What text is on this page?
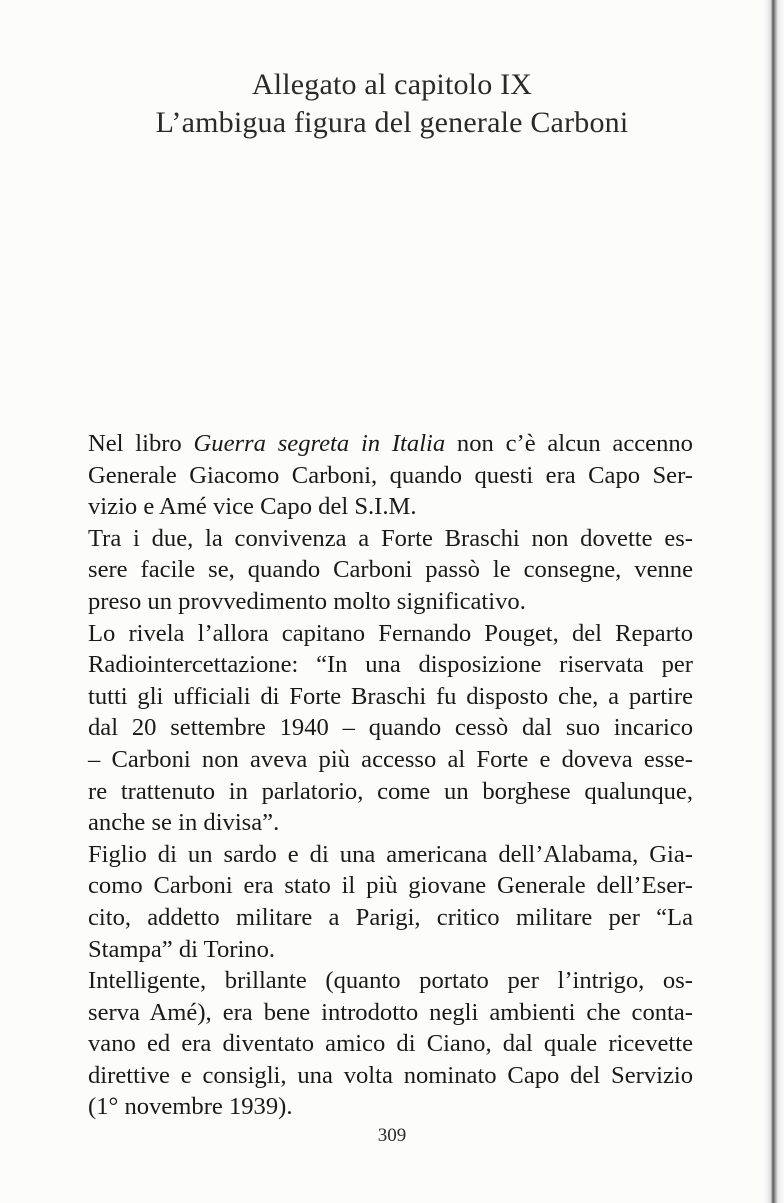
Allegato al capitolo IX
L’ambigua figura del generale Carboni
Nel libro Guerra segreta in Italia non c’è alcun accenno
Generale Giacomo Carboni, quando questi era Capo Ser-
vizio e Amé vice Capo del S.I.M.
Tra i due, la convivenza a Forte Braschi non dovette es-
sere facile se, quando Carboni passò le consegne, venne
preso un provvedimento molto significativo.
Lo rivela l’allora capitano Fernando Pouget, del Reparto
Radiointercettazione: “In una disposizione riservata per
tutti gli ufficiali di Forte Braschi fu disposto che, a partire
dal 20 settembre 1940 – quando cessò dal suo incarico
– Carboni non aveva più accesso al Forte e doveva esse-
re trattenuto in parlatorio, come un borghese qualunque,
anche se in divisa”.
Figlio di un sardo e di una americana dell’Alabama, Gia-
como Carboni era stato il più giovane Generale dell’Eser-
cito, addetto militare a Parigi, critico militare per “La
Stampa” di Torino.
Intelligente, brillante (quanto portato per l’intrigo, os-
serva Amé), era bene introdotto negli ambienti che conta-
vano ed era diventato amico di Ciano, dal quale ricevette
direttive e consigli, una volta nominato Capo del Servizio
(1° novembre 1939).
309
